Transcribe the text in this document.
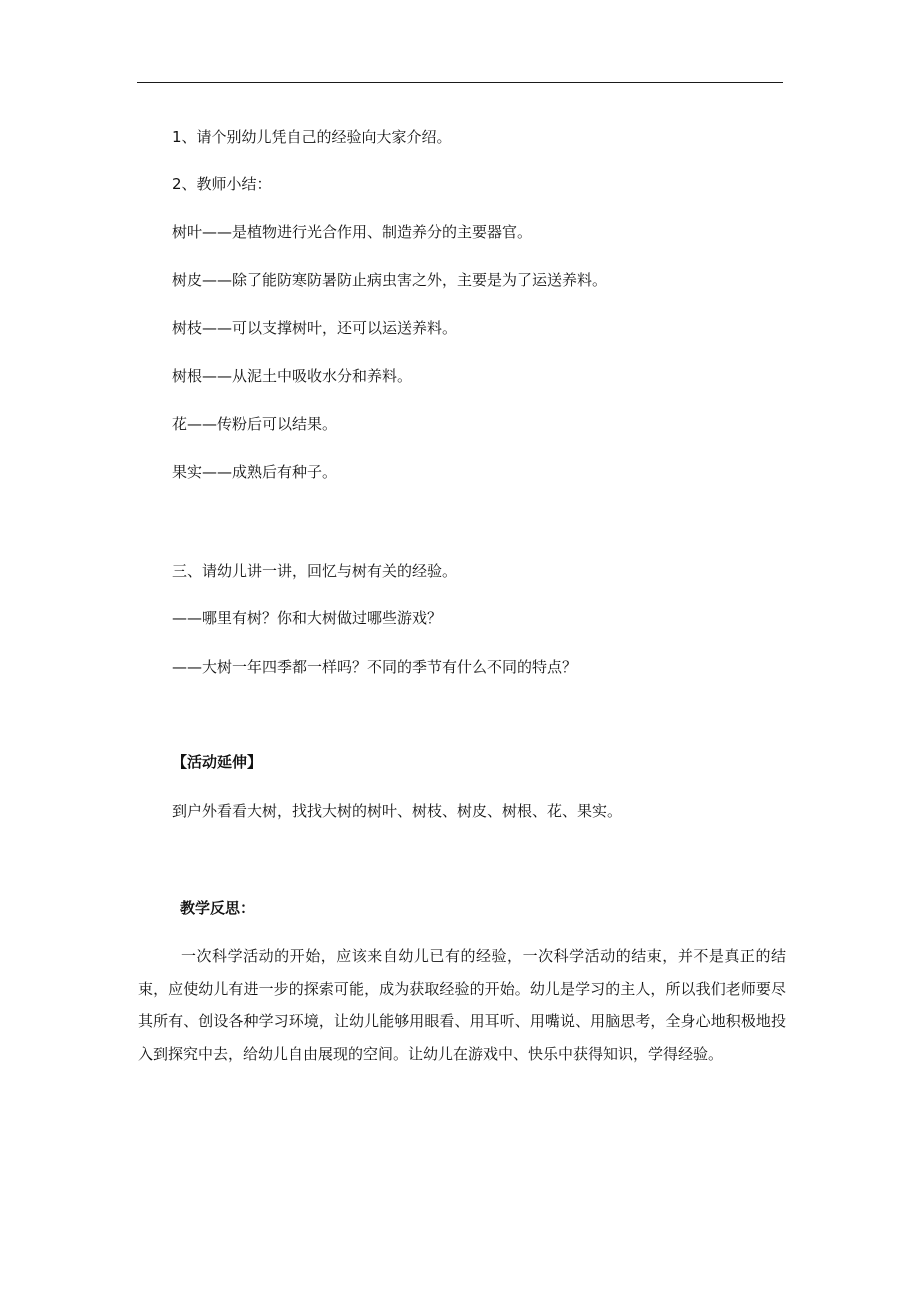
1、请个别幼儿凭自己的经验向大家介绍。
2、教师小结：
树叶——是植物进行光合作用、制造养分的主要器官。
树皮——除了能防寒防暑防止病虫害之外，主要是为了运送养料。
树枝——可以支撑树叶，还可以运送养料。
树根——从泥土中吸收水分和养料。
花——传粉后可以结果。
果实——成熟后有种子。
三、请幼儿讲一讲，回忆与树有关的经验。
——哪里有树？你和大树做过哪些游戏？
——大树一年四季都一样吗？不同的季节有什么不同的特点？
【活动延伸】
到户外看看大树，找找大树的树叶、树枝、树皮、树根、花、果实。
教学反思：

一次科学活动的开始，应该来自幼儿已有的经验，一次科学活动的结束，并不是真正的结束，应使幼儿有进一步的探索可能，成为获取经验的开始。幼儿是学习的主人，所以我们老师要尽其所有、创设各种学习环境，让幼儿能够用眼看、用耳听、用嘴说、用脑思考，全身心地积极地投入到探究中去，给幼儿自由展现的空间。让幼儿在游戏中、快乐中获得知识，学得经验。
